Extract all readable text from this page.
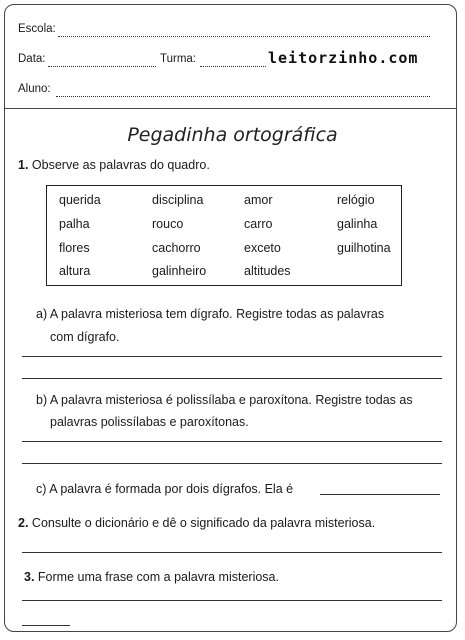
Escola:
Data:	Turma:	leitorzinho.com
Aluno:
Pegadinha ortográfica
1. Observe as palavras do quadro.
querida	disciplina	amor	relógio
palha	rouco	carro	galinha
flores	cachorro	exceto	guilhotina
altura	galinheiro	altitudes
a) A palavra misteriosa tem dígrafo. Registre todas as palavras
com dígrafo.
b) A palavra misteriosa é polissílaba e paroxítona. Registre todas as
palavras polissílabas e paroxítonas.
c) A palavra é formada por dois dígrafos. Ela é
2. Consulte o dicionário e dê o significado da palavra misteriosa.
3. Forme uma frase com a palavra misteriosa.
